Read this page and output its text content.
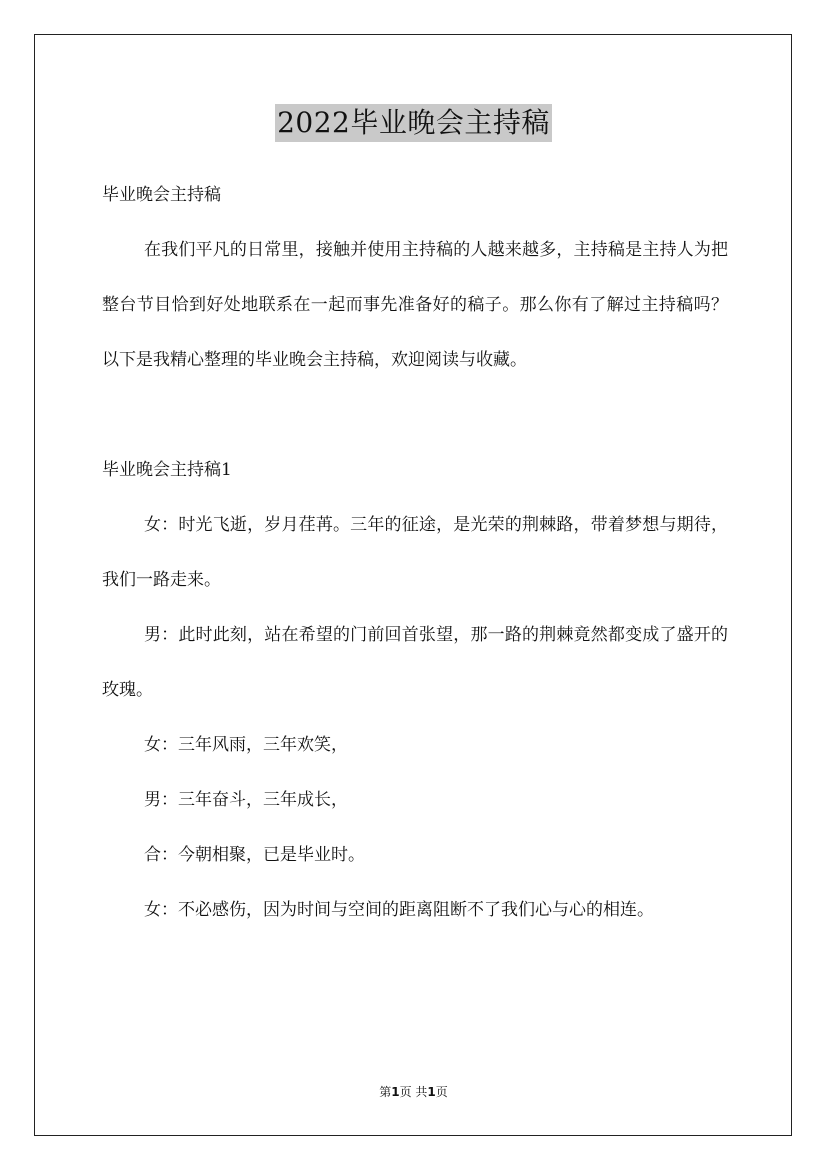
2022毕业晚会主持稿

毕业晚会主持稿

在我们平凡的日常里，接触并使用主持稿的人越来越多，主持稿是主持人为把整台节目恰到好处地联系在一起而事先准备好的稿子。那么你有了解过主持稿吗？以下是我精心整理的毕业晚会主持稿，欢迎阅读与收藏。

毕业晚会主持稿1

女：时光飞逝，岁月荏苒。三年的征途，是光荣的荆棘路，带着梦想与期待，我们一路走来。

男：此时此刻，站在希望的门前回首张望，那一路的荆棘竟然都变成了盛开的玫瑰。

女：三年风雨，三年欢笑，

男：三年奋斗，三年成长，

合：今朝相聚，已是毕业时。

女：不必感伤，因为时间与空间的距离阻断不了我们心与心的相连。

第1页 共1页
